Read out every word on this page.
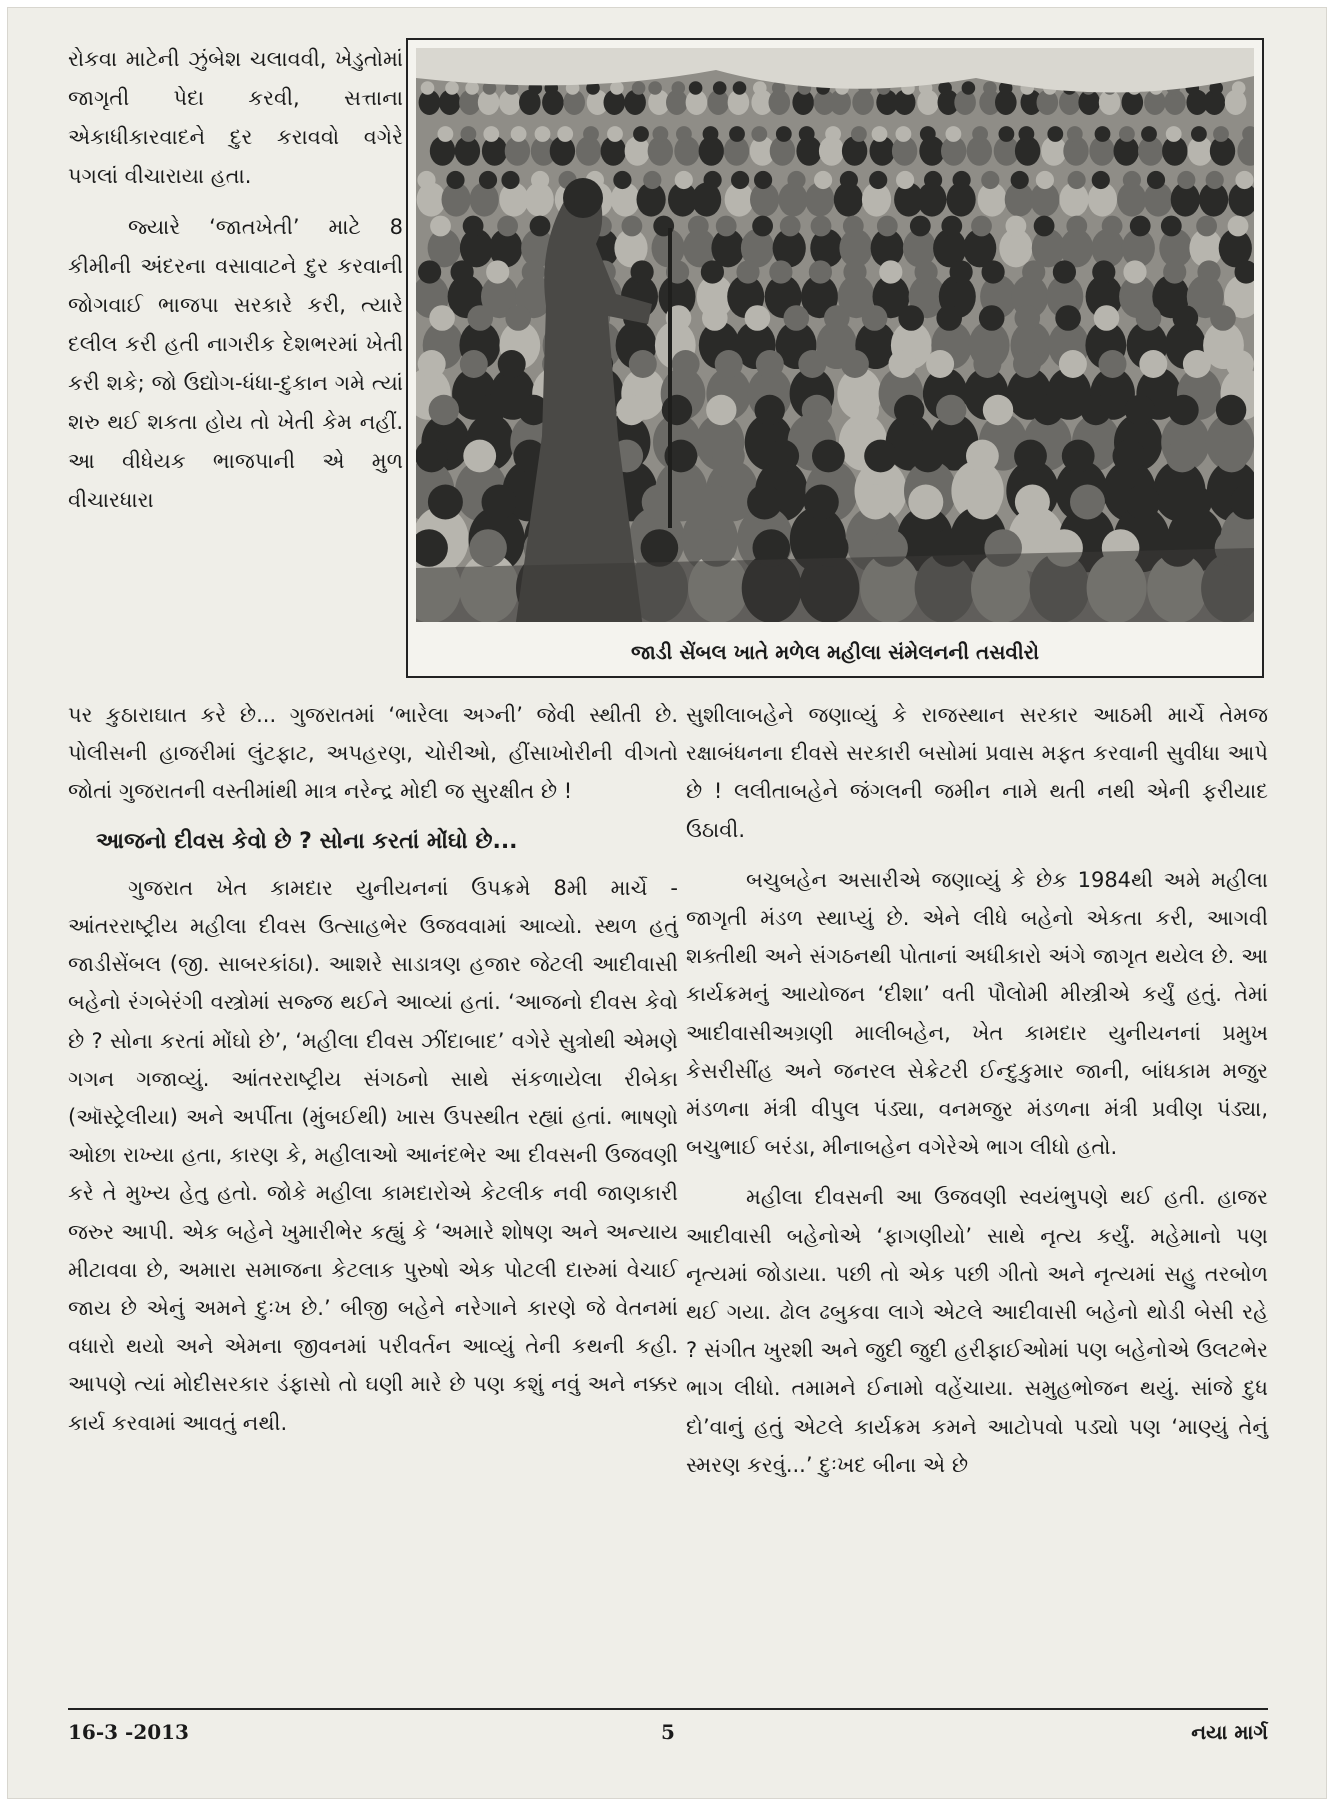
રોકવા માટેની ઝુંબેશ ચલાવવી, ખેડુતોમાં જાગૃતી પેદા કરવી, સત્તાના એકાધીકારવાદને દુર કરાવવો વગેરે પગલાં વીચારાયા હતા.

જ્યારે ‘જાતખેતી’ માટે 8 કીમીની અંદરના વસાવાટને દુર કરવાની જોગવાઈ ભાજપા સરકારે કરી, ત્યારે દલીલ કરી હતી નાગરીક દેશભરમાં ખેતી કરી શકે; જો ઉદ્યોગ-ધંધા-દુકાન ગમે ત્યાં શરુ થઈ શકતા હોય તો ખેતી કેમ નહીં. આ વીધેયક ભાજપાની એ મુળ વીચારધારા

જાડી સેંબલ ખાતે મળેલ મહીલા સંમેલનની તસવીરો

પર કુઠારાઘાત કરે છે... ગુજરાતમાં ‘ભારેલા અગ્ની’ જેવી સ્થીતી છે. પોલીસની હાજરીમાં લુંટફાટ, અપહરણ, ચોરીઓ, હીંસાખોરીની વીગતો જોતાં ગુજરાતની વસ્તીમાંથી માત્ર નરેન્દ્ર મોદી જ સુરક્ષીત છે !

આજનો દીવસ કેવો છે ? સોના કરતાં મોંઘો છે...

ગુજરાત ખેત કામદાર યુનીયનનાં ઉપક્રમે 8મી માર્ચે - આંતરરાષ્ટ્રીય મહીલા દીવસ ઉત્સાહભેર ઉજવવામાં આવ્યો. સ્થળ હતું જાડીસેંબલ (જી. સાબરકાંઠા). આશરે સાડાત્રણ હજાર જેટલી આદીવાસી બહેનો રંગબેરંગી વસ્ત્રોમાં સજ્જ થઈને આવ્યાં હતાં. ‘આજનો દીવસ કેવો છે ? સોના કરતાં મોંઘો છે’, ‘મહીલા દીવસ ઝીંદાબાદ’ વગેરે સુત્રોથી એમણે ગગન ગજાવ્યું. આંતરરાષ્ટ્રીય સંગઠનો સાથે સંકળાયેલા રીબેકા (ઑસ્ટ્રેલીયા) અને અર્પીતા (મુંબઈથી) ખાસ ઉપસ્થીત રહ્યાં હતાં. ભાષણો ઓછા રાખ્યા હતા, કારણ કે, મહીલાઓ આનંદભેર આ દીવસની ઉજવણી કરે તે મુખ્ય હેતુ હતો. જોકે મહીલા કામદારોએ કેટલીક નવી જાણકારી જરુર આપી. એક બહેને ખુમારીભેર કહ્યું કે ‘અમારે શોષણ અને અન્યાય મીટાવવા છે, અમારા સમાજના કેટલાક પુરુષો એક પોટલી દારુમાં વેચાઈ જાય છે એનું અમને દુઃખ છે.’ બીજી બહેને નરેગાને કારણે જે વેતનમાં વધારો થયો અને એમના જીવનમાં પરીવર્તન આવ્યું તેની કથની કહી. આપણે ત્યાં મોદીસરકાર ડંફાસો તો ઘણી મારે છે પણ કશું નવું અને નક્કર કાર્ય કરવામાં આવતું નથી.

સુશીલાબહેને જણાવ્યું કે રાજસ્થાન સરકાર આઠમી માર્ચે તેમજ રક્ષાબંધનના દીવસે સરકારી બસોમાં પ્રવાસ મફત કરવાની સુવીધા આપે છે ! લલીતાબહેને જંગલની જમીન નામે થતી નથી એની ફરીયાદ ઉઠાવી.

બચુબહેન અસારીએ જણાવ્યું કે છેક 1984થી અમે મહીલા જાગૃતી મંડળ સ્થાપ્યું છે. એને લીધે બહેનો એકતા કરી, આગવી શક્તીથી અને સંગઠનથી પોતાનાં અધીકારો અંગે જાગૃત થયેલ છે. આ કાર્યક્રમનું આયોજન ‘દીશા’ વતી પૌલોમી મીસ્ત્રીએ કર્યું હતું. તેમાં આદીવાસીઅગ્રણી માલીબહેન, ખેત કામદાર યુનીયનનાં પ્રમુખ કેસરીસીંહ અને જનરલ સેક્રેટરી ઈન્દુકુમાર જાની, બાંધકામ મજુર મંડળના મંત્રી વીપુલ પંડ્યા, વનમજુર મંડળના મંત્રી પ્રવીણ પંડ્યા, બચુભાઈ બરંડા, મીનાબહેન વગેરેએ ભાગ લીધો હતો.

મહીલા દીવસની આ ઉજવણી સ્વયંભુપણે થઈ હતી. હાજર આદીવાસી બહેનોએ ‘ફાગણીયો’ સાથે નૃત્ય કર્યું. મહેમાનો પણ નૃત્યમાં જોડાયા. પછી તો એક પછી ગીતો અને નૃત્યમાં સહુ તરબોળ થઈ ગયા. ઢોલ ઢબુકવા લાગે એટલે આદીવાસી બહેનો થોડી બેસી રહે ? સંગીત ખુરશી અને જુદી જુદી હરીફાઈઓમાં પણ બહેનોએ ઉલટભેર ભાગ લીધો. તમામને ઈનામો વહેંચાયા. સમુહભોજન થયું. સાંજે દુધ દો’વાનું હતું એટલે કાર્યક્રમ કમને આટોપવો પડ્યો પણ ‘માણ્યું તેનું સ્મરણ કરવું...’ દુઃખદ બીના એ છે

16-3 -2013	5	નયા માર્ગ
